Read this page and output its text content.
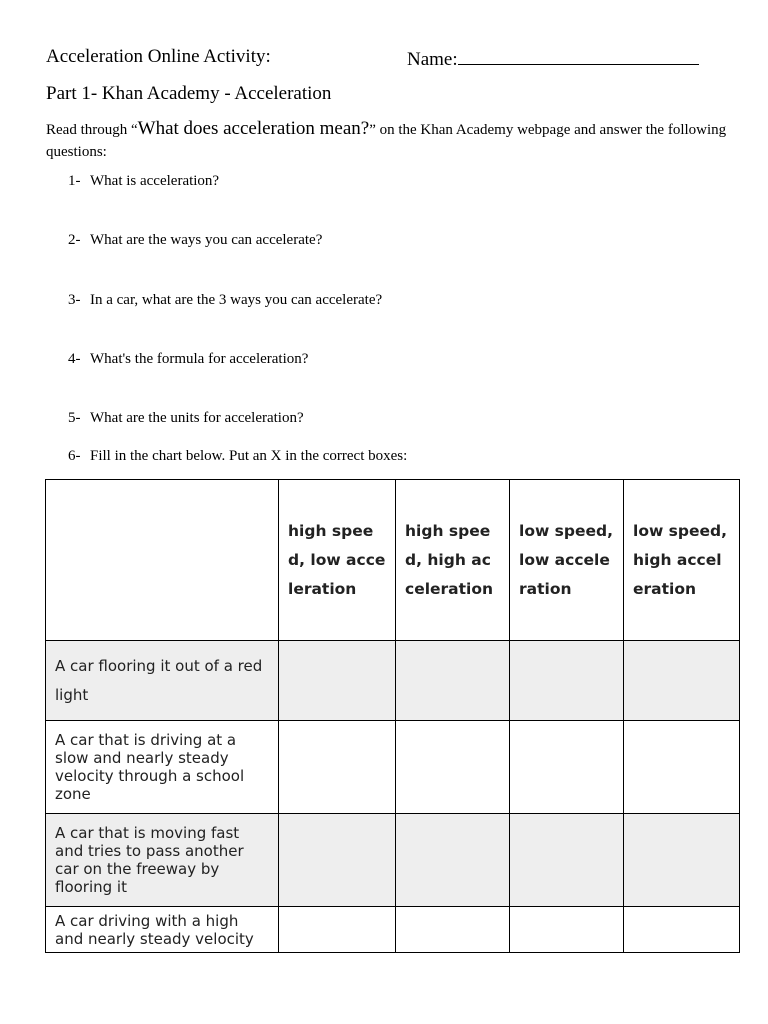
Acceleration Online Activity:	Name:
Part 1- Khan Academy - Acceleration
Read through “What does acceleration mean?” on the Khan Academy webpage and answer the following questions:
1- What is acceleration?
2- What are the ways you can accelerate?
3- In a car, what are the 3 ways you can accelerate?
4- What's the formula for acceleration?
5- What are the units for acceleration?
6- Fill in the chart below. Put an X in the correct boxes:

	high speed, low acceleration	high speed, high acceleration	low speed, low acceleration	low speed, high acceleration

A car flooring it out of a red light				
A car that is driving at a slow and nearly steady velocity through a school zone				
A car that is moving fast and tries to pass another car on the freeway by flooring it				
A car driving with a high and nearly steady velocity				
